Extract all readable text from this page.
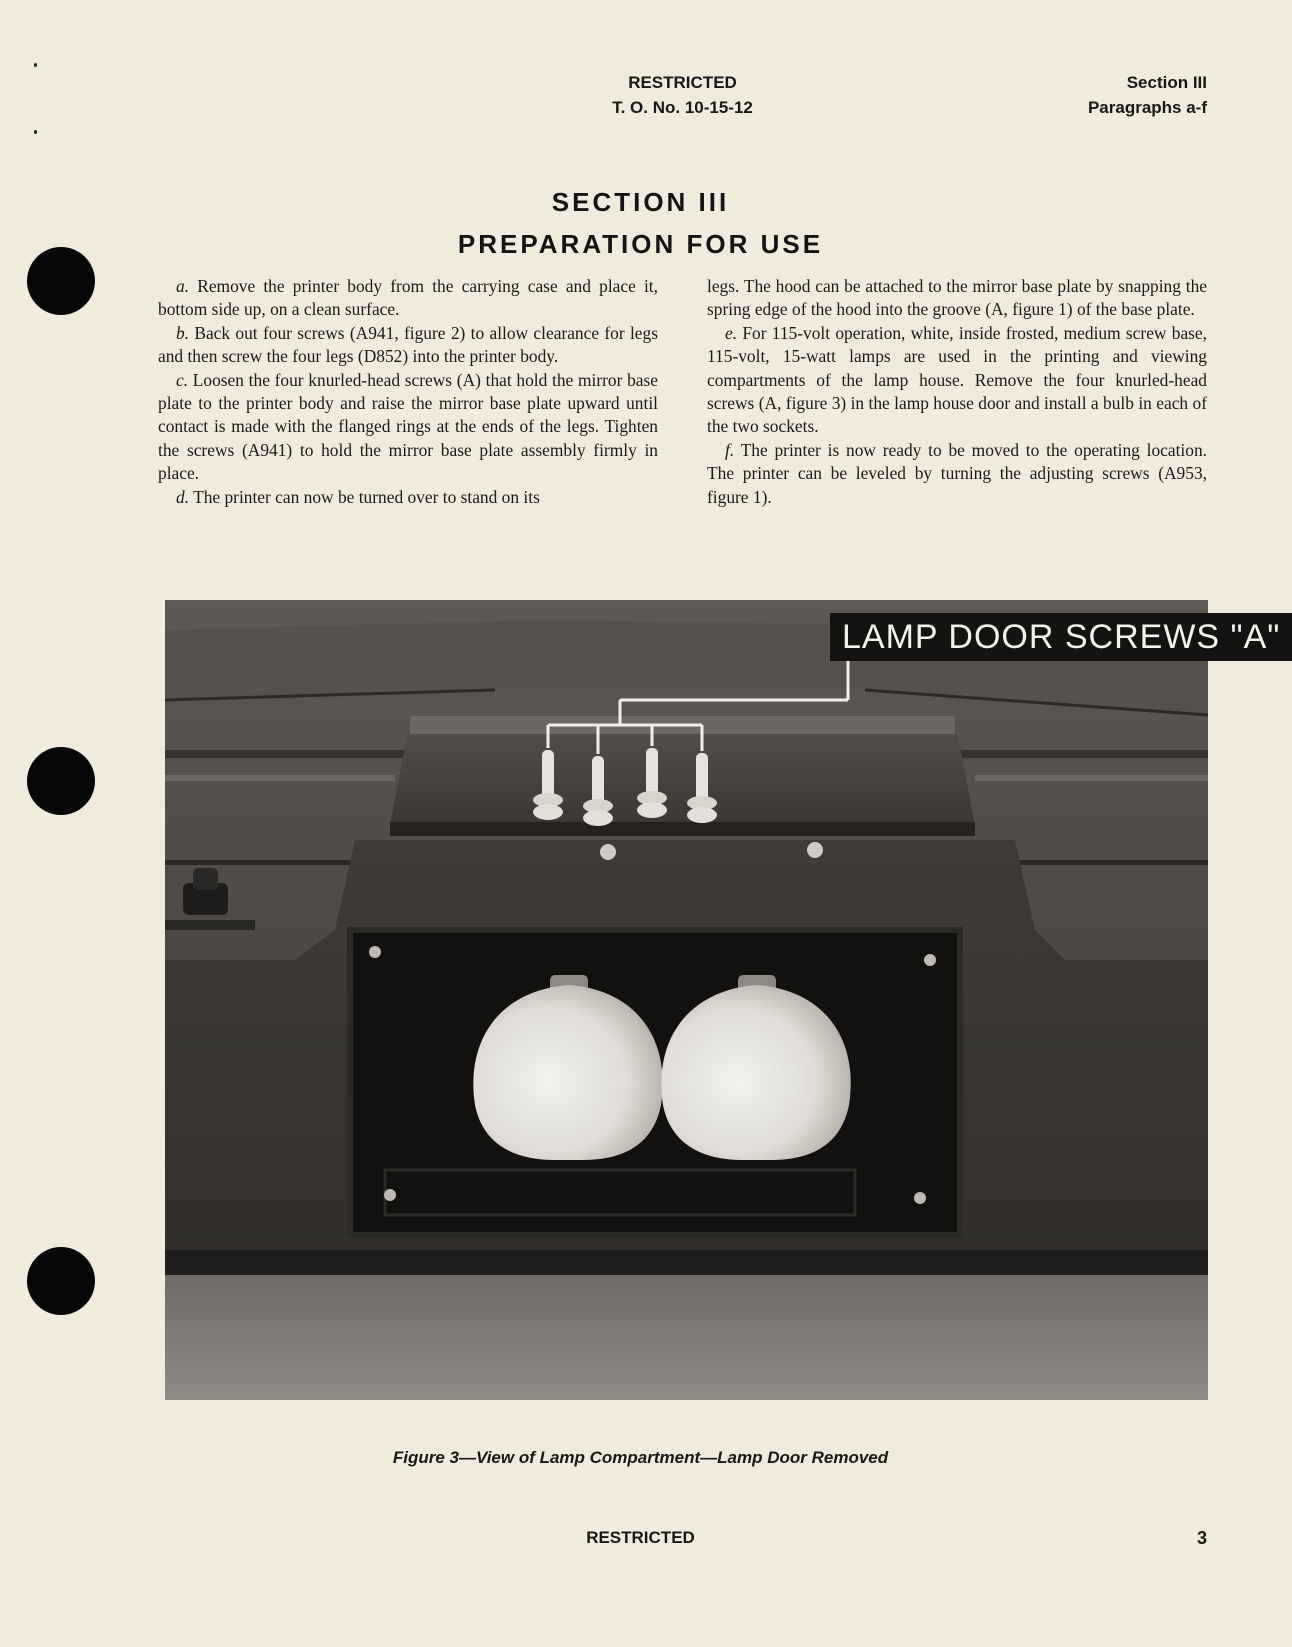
RESTRICTED
T. O. No. 10-15-12
Section III
Paragraphs a-f
SECTION III
PREPARATION FOR USE

a. Remove the printer body from the carrying case and place it, bottom side up, on a clean surface.

b. Back out four screws (A941, figure 2) to allow clearance for legs and then screw the four legs (D852) into the printer body.

c. Loosen the four knurled-head screws (A) that hold the mirror base plate to the printer body and raise the mirror base plate upward until contact is made with the flanged rings at the ends of the legs. Tighten the screws (A941) to hold the mirror base plate assembly firmly in place.

d. The printer can now be turned over to stand on its

legs. The hood can be attached to the mirror base plate by snapping the spring edge of the hood into the groove (A, figure 1) of the base plate.

e. For 115-volt operation, white, inside frosted, medium screw base, 115-volt, 15-watt lamps are used in the printing and viewing compartments of the lamp house. Remove the four knurled-head screws (A, figure 3) in the lamp house door and install a bulb in each of the two sockets.

f. The printer is now ready to be moved to the operating location. The printer can be leveled by turning the adjusting screws (A953, figure 1).

LAMP DOOR SCREWS "A"
Figure 3—View of Lamp Compartment—Lamp Door Removed
RESTRICTED	3
